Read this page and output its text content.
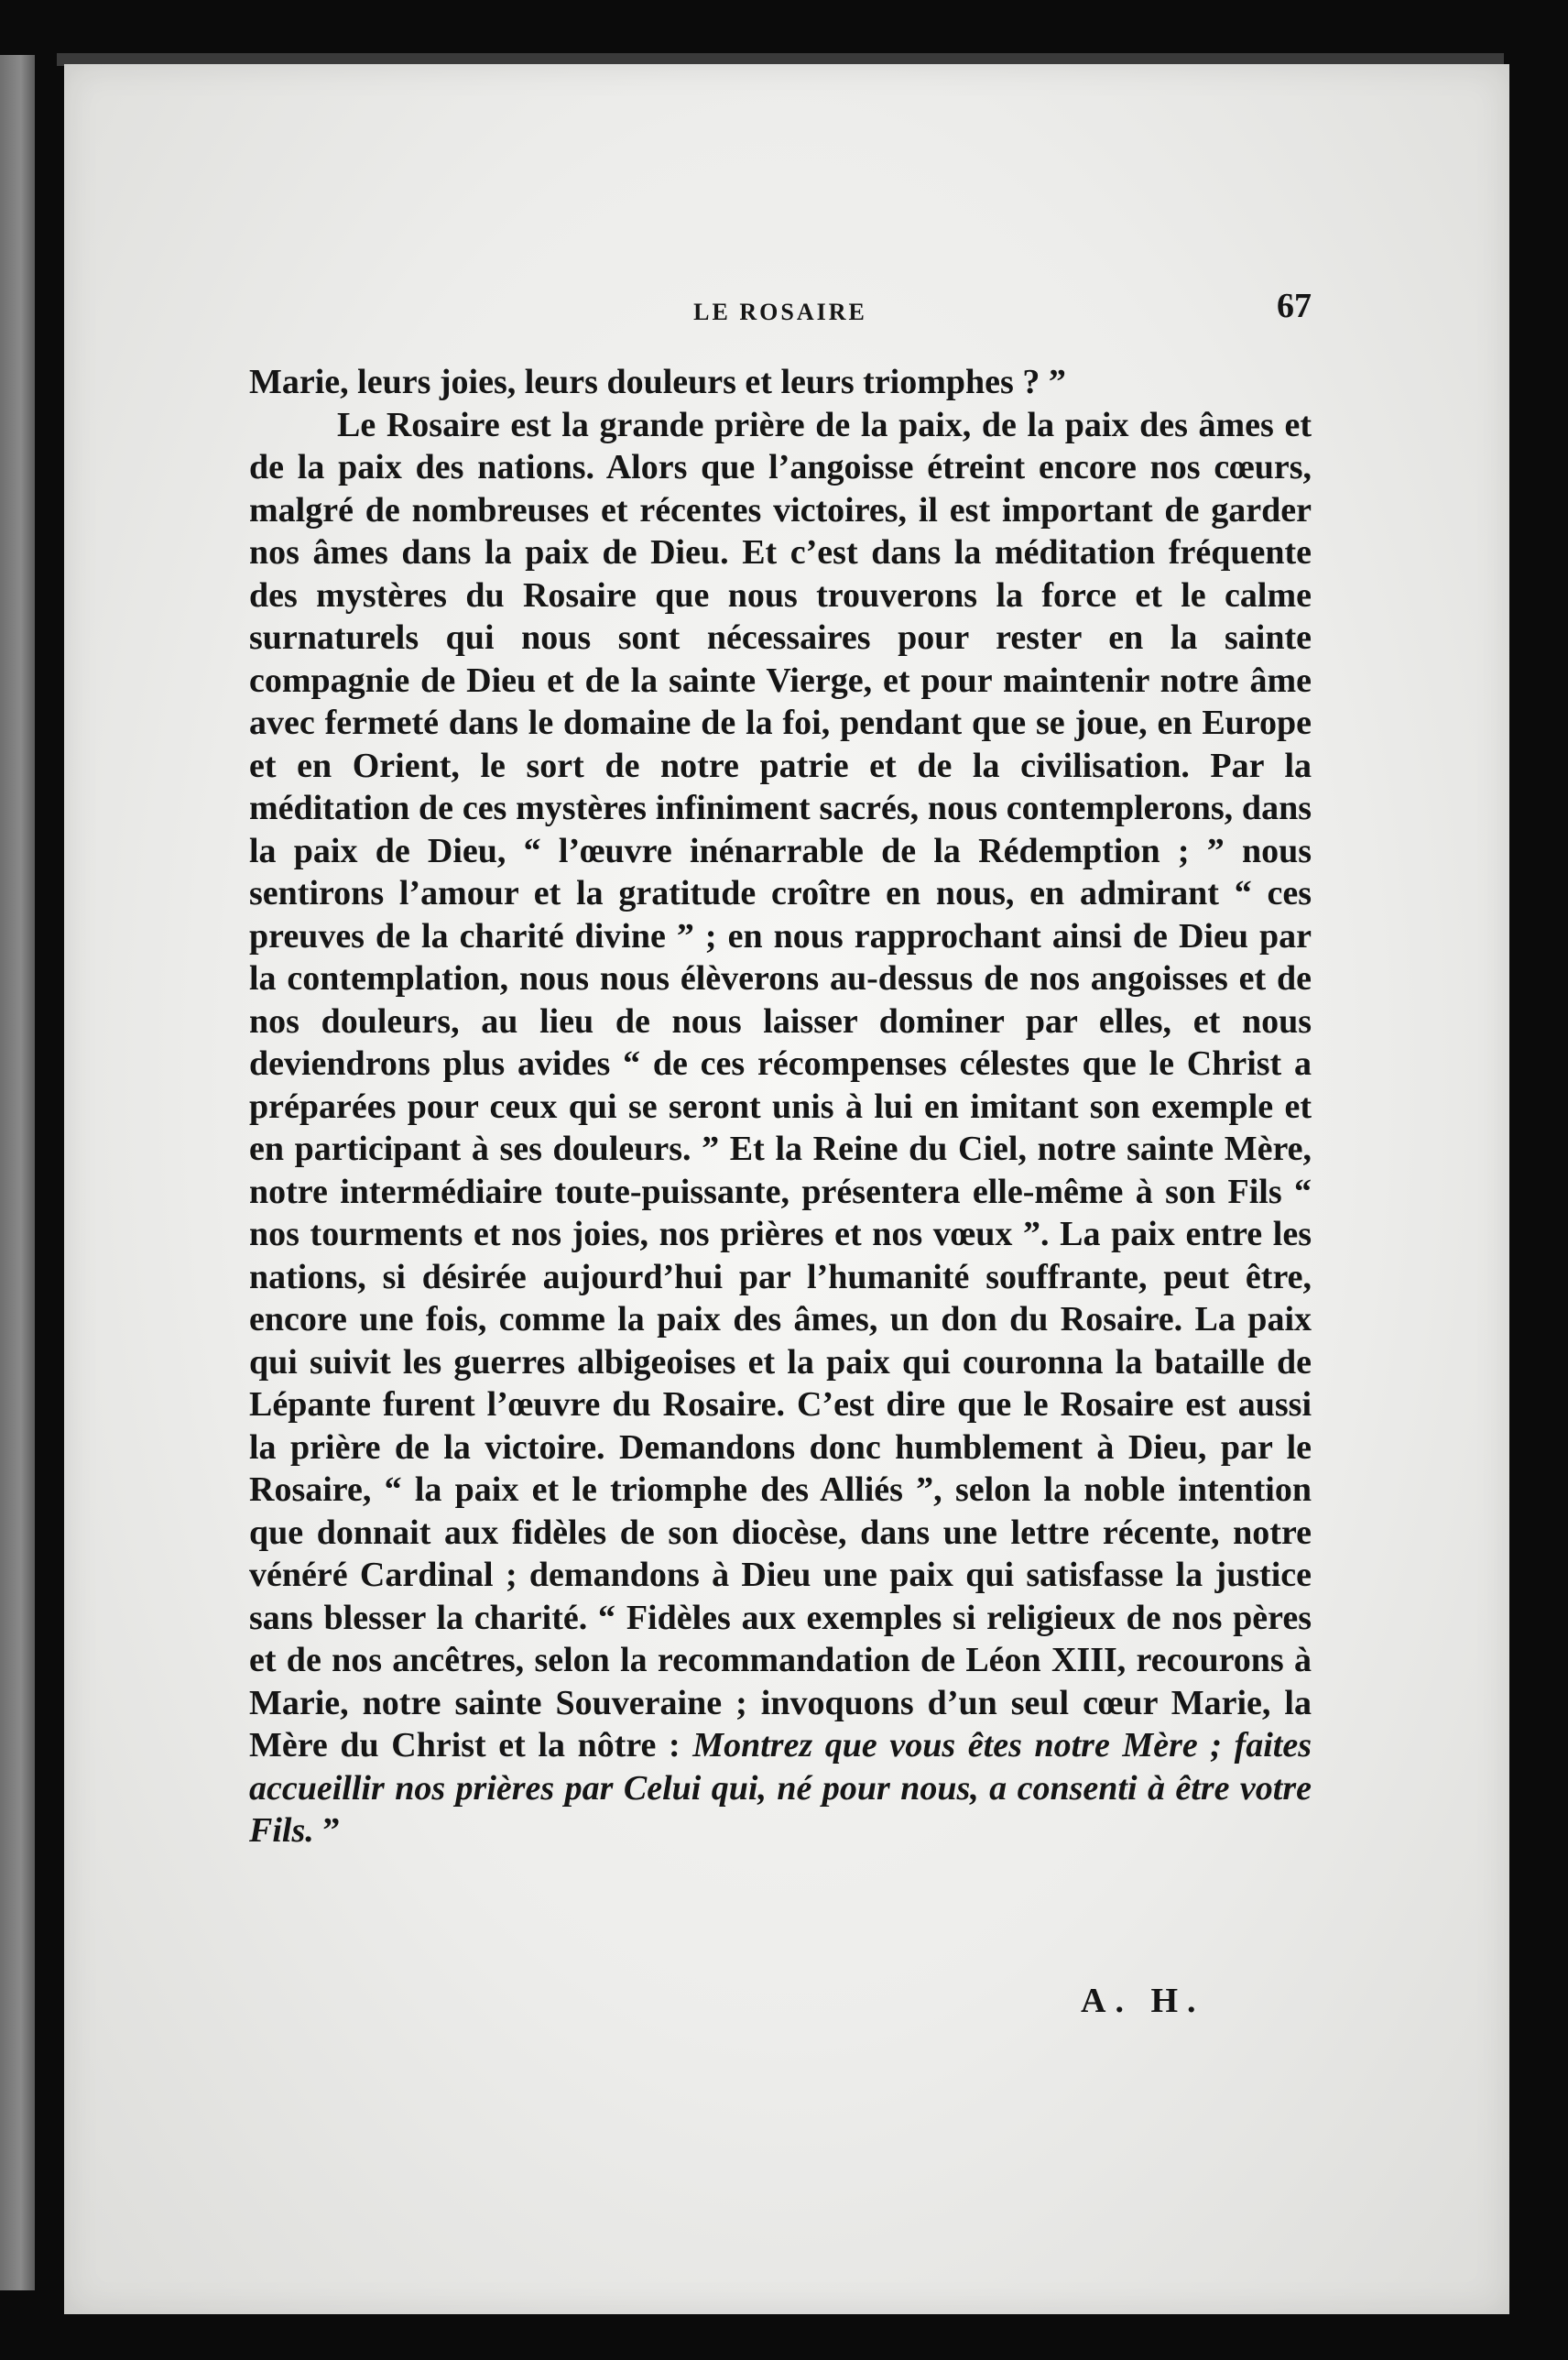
LE ROSAIRE	67

Marie, leurs joies, leurs douleurs et leurs triomphes ? ”

Le Rosaire est la grande prière de la paix, de la paix des âmes et de la paix des nations. Alors que l’angoisse étreint encore nos cœurs, malgré de nombreuses et récentes victoires, il est important de garder nos âmes dans la paix de Dieu. Et c’est dans la méditation fréquente des mystères du Rosaire que nous trouverons la force et le calme surnaturels qui nous sont nécessaires pour rester en la sainte compagnie de Dieu et de la sainte Vierge, et pour maintenir notre âme avec fermeté dans le domaine de la foi, pendant que se joue, en Europe et en Orient, le sort de notre patrie et de la civilisation. Par la méditation de ces mystères infiniment sacrés, nous contemplerons, dans la paix de Dieu, “ l’œuvre inénarrable de la Rédemption ; ” nous sentirons l’amour et la gratitude croître en nous, en admirant “ ces preuves de la charité divine ” ; en nous rapprochant ainsi de Dieu par la contemplation, nous nous élèverons au-dessus de nos angoisses et de nos douleurs, au lieu de nous laisser dominer par elles, et nous deviendrons plus avides “ de ces récompenses célestes que le Christ a préparées pour ceux qui se seront unis à lui en imitant son exemple et en participant à ses douleurs. ” Et la Reine du Ciel, notre sainte Mère, notre intermédiaire toute-puissante, présentera elle-même à son Fils “ nos tourments et nos joies, nos prières et nos vœux ”. La paix entre les nations, si désirée aujourd’hui par l’humanité souffrante, peut être, encore une fois, comme la paix des âmes, un don du Rosaire. La paix qui suivit les guerres albigeoises et la paix qui couronna la bataille de Lépante furent l’œuvre du Rosaire. C’est dire que le Rosaire est aussi la prière de la victoire. Demandons donc humblement à Dieu, par le Rosaire, “ la paix et le triomphe des Alliés ”, selon la noble intention que donnait aux fidèles de son diocèse, dans une lettre récente, notre vénéré Cardinal ; demandons à Dieu une paix qui satisfasse la justice sans blesser la charité. “ Fidèles aux exemples si religieux de nos pères et de nos ancêtres, selon la recommandation de Léon XIII, recourons à Marie, notre sainte Souveraine ; invoquons d’un seul cœur Marie, la Mère du Christ et la nôtre : Montrez que vous êtes notre Mère ; faites accueillir nos prières par Celui qui, né pour nous, a consenti à être votre Fils. ”

A. H.
